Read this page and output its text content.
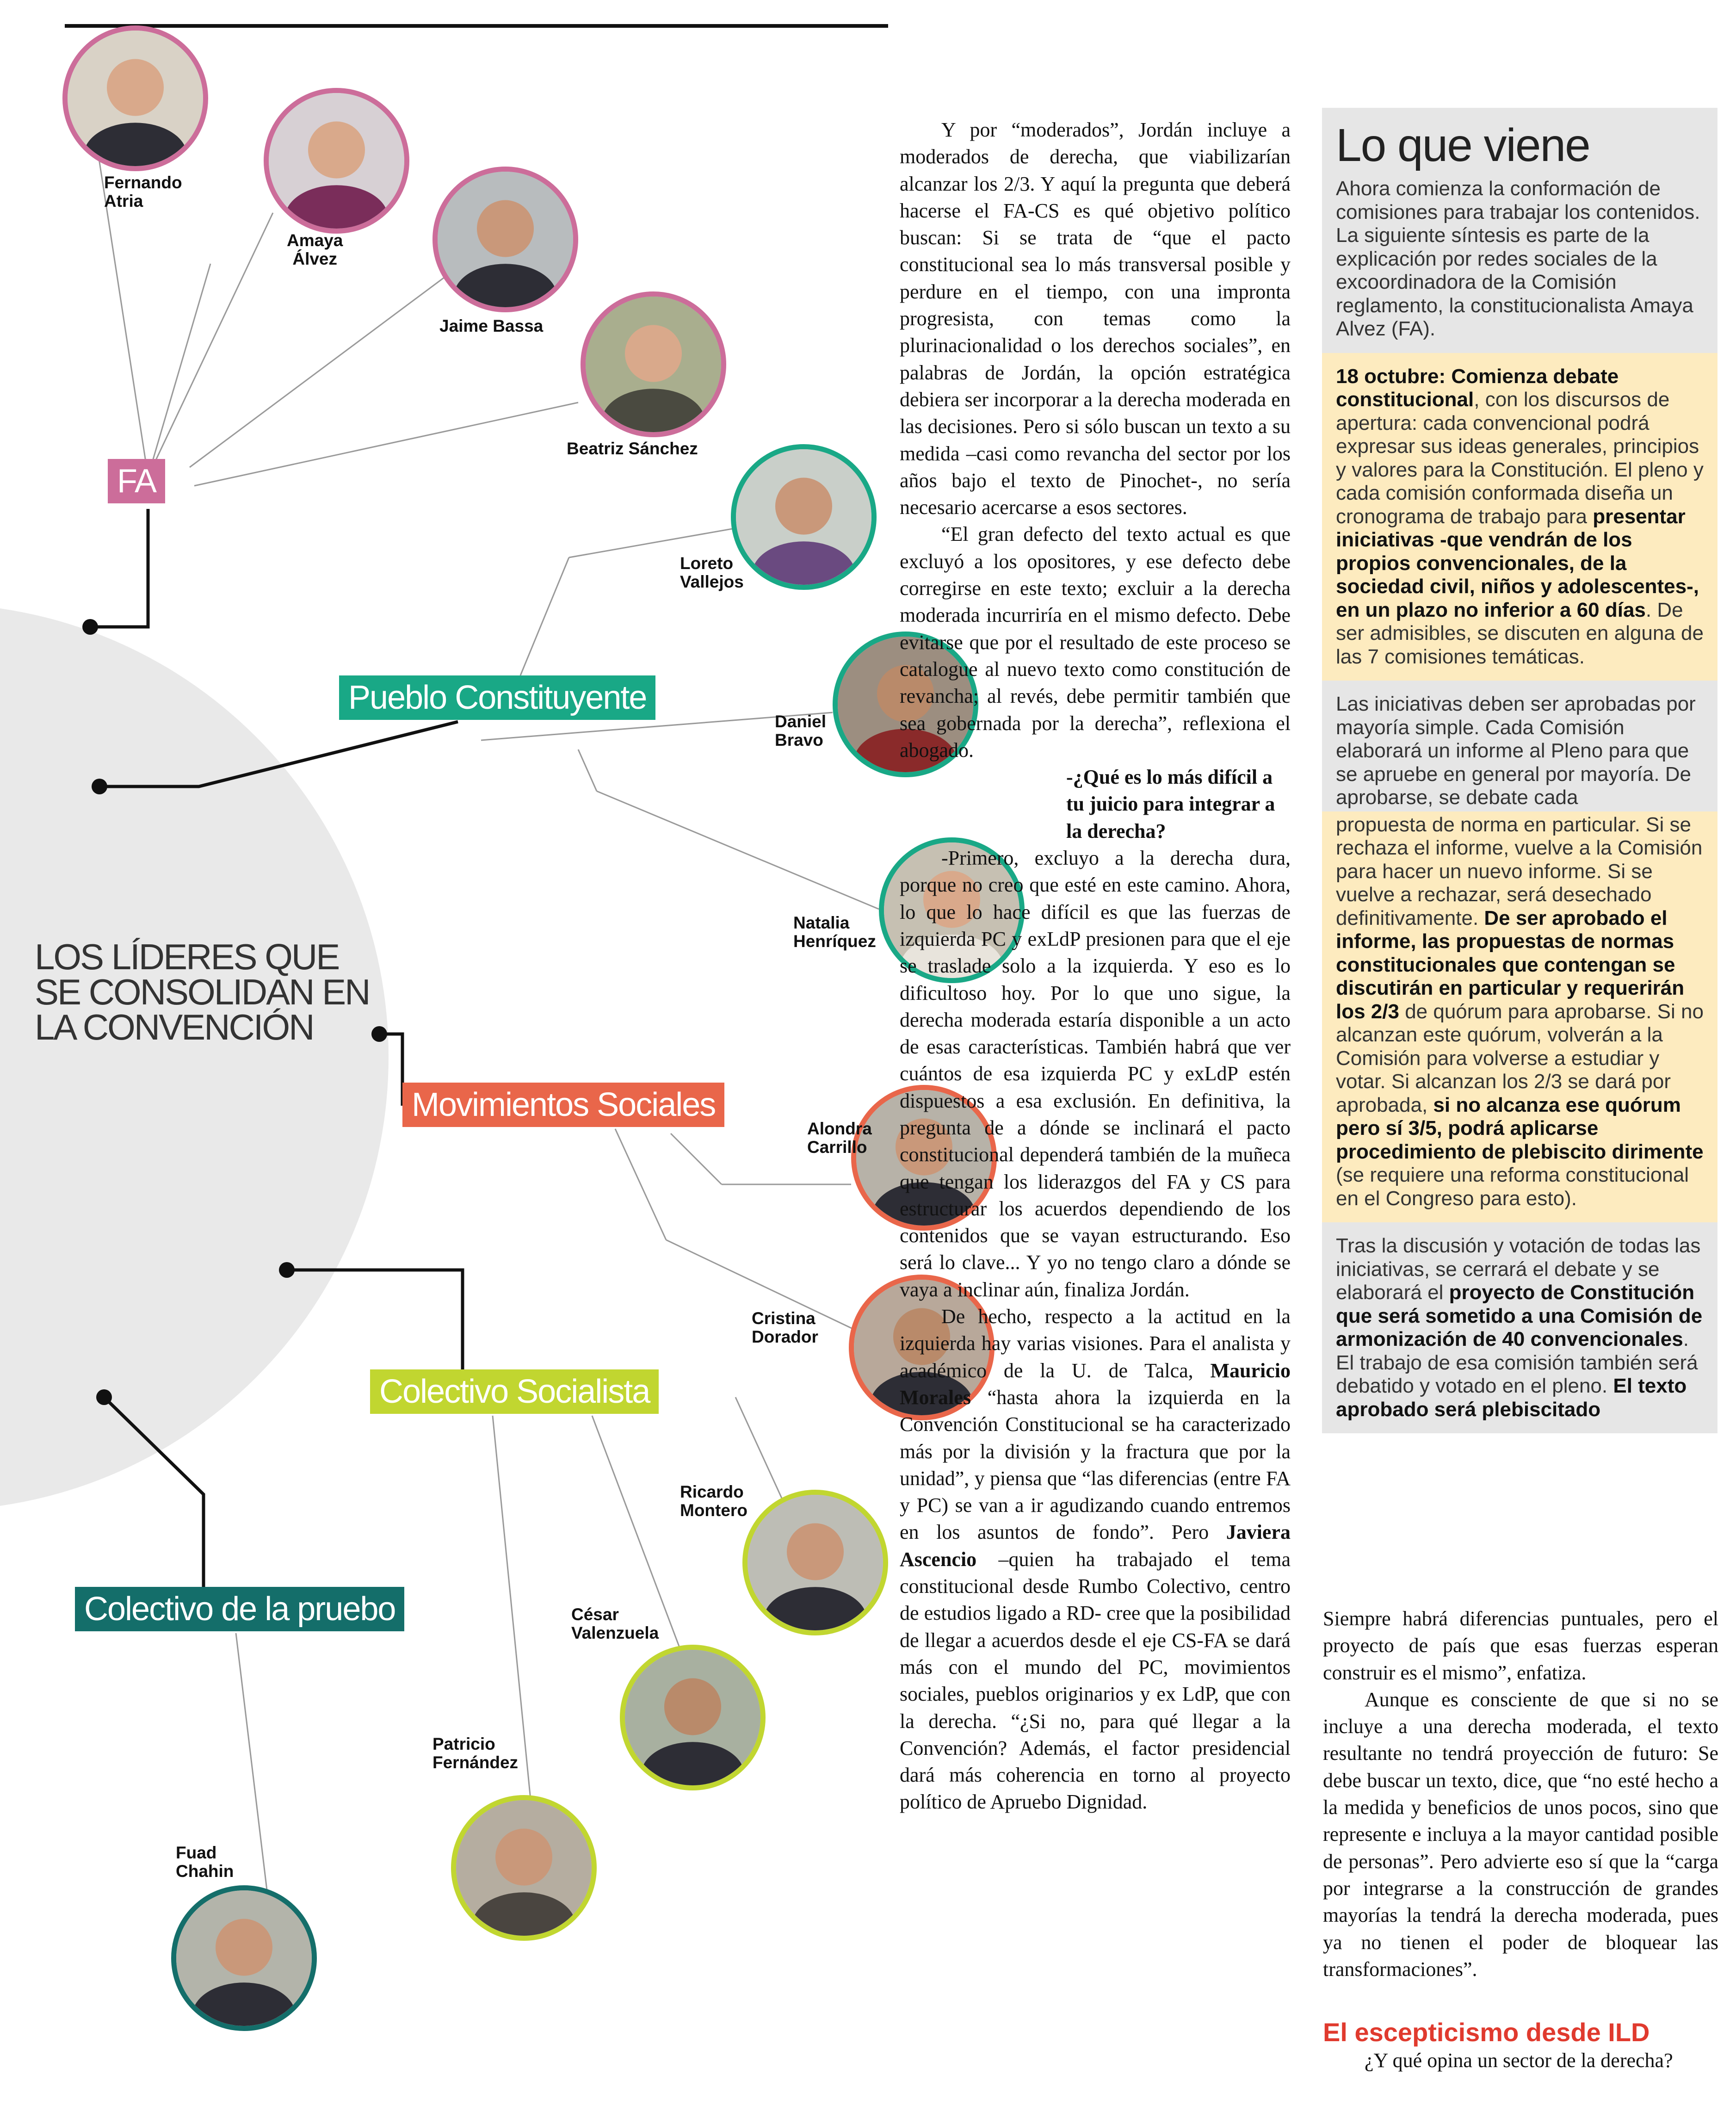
LOS LÍDERES QUE
SE CONSOLIDAN EN
LA CONVENCIÓN
FA
Pueblo Constituyente
Movimientos Sociales
Colectivo Socialista
Colectivo de la pruebo
Fernando
Atria
Amaya
Álvez
Jaime Bassa
Beatriz Sánchez
Loreto
Vallejos
Daniel
Bravo
Natalia
Henríquez
Alondra
Carrillo
Cristina
Dorador
Ricardo
Montero
César
Valenzuela
Patricio
Fernández
Fuad
Chahin

Y por “moderados”, Jordán incluye a moderados de derecha, que viabilizarían alcanzar los 2/3. Y aquí la pregunta que deberá hacerse el FA-CS es qué objetivo político buscan: Si se trata de “que el pacto constitucional sea lo más transversal posible y perdure en el tiempo, con una impronta progresista, con temas como la plurinacionalidad o los derechos sociales”, en palabras de Jordán, la opción estratégica debiera ser incorporar a la derecha moderada en las decisiones. Pero si sólo buscan un texto a su medida –casi como revancha del sector por los años bajo el texto de Pinochet-, no sería necesario acercarse a esos sectores.

“El gran defecto del texto actual es que excluyó a los opositores, y ese defecto debe corregirse en este texto; excluir a la derecha moderada incurriría en el mismo defecto. Debe evitarse que por el resultado de este proceso se catalogue al nuevo texto como constitución de revancha; al revés, debe permitir también que sea gobernada por la derecha”, reflexiona el abogado.

-¿Qué es lo más difícil a tu juicio para integrar a la derecha?

-Primero, excluyo a la derecha dura, porque no creo que esté en este camino. Ahora, lo que lo hace difícil es que las fuerzas de izquierda PC y exLdP presionen para que el eje se traslade solo a la izquierda. Y eso es lo dificultoso hoy. Por lo que uno sigue, la derecha moderada estaría disponible a un acto de esas características. También habrá que ver cuántos de esa izquierda PC y exLdP estén dispuestos a esa exclusión. En definitiva, la pregunta de a dónde se inclinará el pacto constitucional dependerá también de la muñeca que tengan los liderazgos del FA y CS para estructurar los acuerdos dependiendo de los contenidos que se vayan estructurando. Eso será lo clave... Y yo no tengo claro a dónde se vaya a inclinar aún, finaliza Jordán.

De hecho, respecto a la actitud en la izquierda hay varias visiones. Para el analista y académico de la U. de Talca, Mauricio Morales “hasta ahora la izquierda en la Convención Constitucional se ha caracterizado más por la división y la fractura que por la unidad”, y piensa que “las diferencias (entre FA y PC) se van a ir agudizando cuando entremos en los asuntos de fondo”. Pero Javiera Ascencio –quien ha trabajado el tema constitucional desde Rumbo Colectivo, centro de estudios ligado a RD- cree que la posibilidad de llegar a acuerdos desde el eje CS-FA se dará más con el mundo del PC, movimientos sociales, pueblos originarios y ex LdP, que con la derecha. “¿Si no, para qué llegar a la Convención? Además, el factor presidencial dará más coherencia en torno al proyecto político de Apruebo Dignidad.

Lo que viene
Ahora comienza la conformación de comisiones para trabajar los contenidos. La siguiente síntesis es parte de la explicación por redes sociales de la excoordinadora de la Comisión reglamento, la constitucionalista Amaya Alvez (FA).
18 octubre: Comienza debate constitucional, con los discursos de apertura: cada convencional podrá expresar sus ideas generales, principios y valores para la Constitución. El pleno y cada comisión conformada diseña un cronograma de trabajo para presentar iniciativas -que vendrán de los propios convencionales, de la sociedad civil, niños y adolescentes-, en un plazo no inferior a 60 días. De ser admisibles, se discuten en alguna de las 7 comisiones temáticas.
Las iniciativas deben ser aprobadas por mayoría simple. Cada Comisión elaborará un informe al Pleno para que se apruebe en general por mayoría. De aprobarse, se debate cada
propuesta de norma en particular. Si se rechaza el informe, vuelve a la Comisión para hacer un nuevo informe. Si se vuelve a rechazar, será desechado definitivamente. De ser aprobado el informe, las propuestas de normas constitucionales que contengan se discutirán en particular y requerirán los 2/3 de quórum para aprobarse. Si no alcanzan este quórum, volverán a la Comisión para volverse a estudiar y votar. Si alcanzan los 2/3 se dará por aprobada, si no alcanza ese quórum pero sí 3/5, podrá aplicarse procedimiento de plebiscito dirimente (se requiere una reforma constitucional en el Congreso para esto).
Tras la discusión y votación de todas las iniciativas, se cerrará el debate y se elaborará el proyecto de Constitución que será sometido a una Comisión de armonización de 40 convencionales. El trabajo de esa comisión también será debatido y votado en el pleno. El texto aprobado será plebiscitado

Siempre habrá diferencias puntuales, pero el proyecto de país que esas fuerzas esperan construir es el mismo”, enfatiza.

Aunque es consciente de que si no se incluye a una derecha moderada, el texto resultante no tendrá proyección de futuro: Se debe buscar un texto, dice, que “no esté hecho a la medida y beneficios de unos pocos, sino que represente e incluya a la mayor cantidad posible de personas”. Pero advierte eso sí que la “carga por integrarse a la construcción de grandes mayorías la tendrá la derecha moderada, pues ya no tienen el poder de bloquear las transformaciones”.

El escepticismo desde ILD

¿Y qué opina un sector de la derecha?
